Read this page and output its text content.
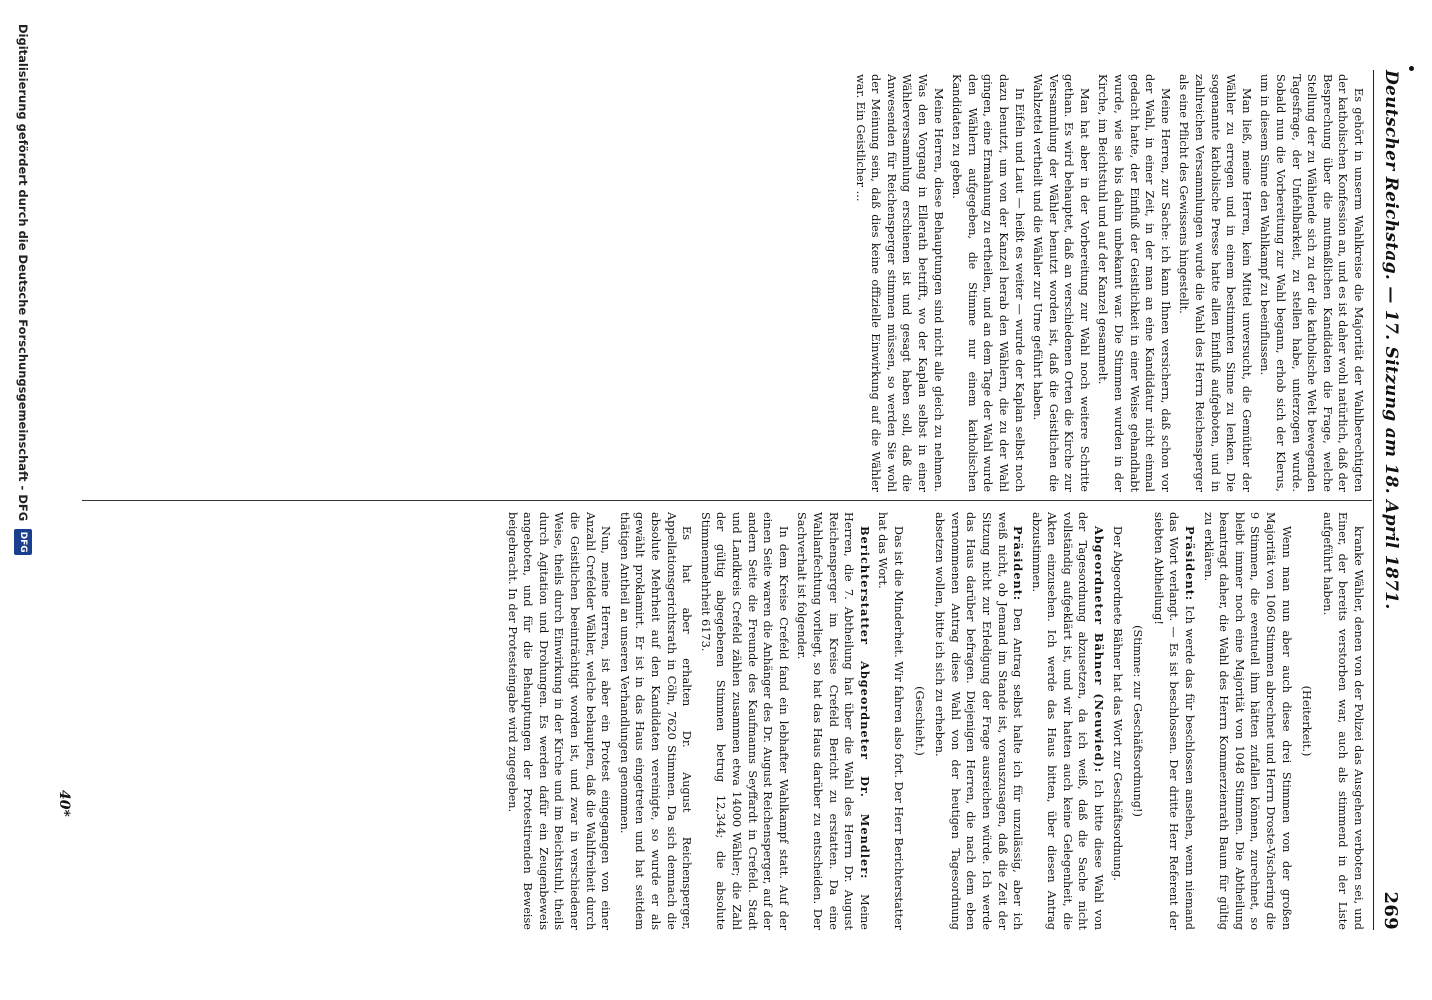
Deutscher Reichstag. — 17. Sitzung am 18. April 1871.
269

Es gehört in unserm Wahlkreise die Majorität der Wahlberechtigten der katholischen Konfession an, und es ist daher wohl natürlich, daß der Besprechung über die mutmaßlichen Kandidaten die Frage, welche Stellung der zu Wählende sich zu der die katholische Welt bewegenden Tagesfrage, der Unfehlbarkeit, zu stellen habe, unterzogen wurde. Sobald nun die Vorbereitung zur Wahl begann, erhob sich der Klerus, um in diesem Sinne den Wahlkampf zu beeinflussen.

Man ließ, meine Herren, kein Mittel unversucht, die Gemüther der Wähler zu erregen und in einem bestimmten Sinne zu lenken. Die sogenannte katholische Presse hatte allen Einfluß aufgeboten, und in zahlreichen Versammlungen wurde die Wahl des Herrn Reichensperger als eine Pflicht des Gewissens hingestellt.

Meine Herren, zur Sache: ich kann Ihnen versichern, daß schon vor der Wahl, in einer Zeit, in der man an eine Kandidatur nicht einmal gedacht hatte, der Einfluß der Geistlichkeit in einer Weise gehandhabt wurde, wie sie bis dahin unbekannt war. Die Stimmen wurden in der Kirche, im Beichtstuhl und auf der Kanzel gesammelt.

Man hat aber in der Vorbereitung zur Wahl noch weitere Schritte gethan. Es wird behauptet, daß an verschiedenen Orten die Kirche zur Versammlung der Wähler benutzt worden ist, daß die Geistlichen die Wahlzettel vertheilt und die Wähler zur Urne geführt haben.

In Eifeln und Laut — heißt es weiter — wurde der Kaplan selbst noch dazu benutzt, um von der Kanzel herab den Wählern, die zu der Wahl gingen, eine Ermahnung zu ertheilen, und an dem Tage der Wahl wurde den Wählern aufgegeben, die Stimme nur einem katholischen Kandidaten zu geben.

Meine Herren, diese Behauptungen sind nicht alle gleich zu nehmen. Was den Vorgang in Ellerath betrifft, wo der Kaplan selbst in einer Wählerversammlung erschienen ist und gesagt haben soll, daß die Anwesenden für Reichensperger stimmen müssen, so werden Sie wohl der Meinung sein, daß dies keine offizielle Einwirkung auf die Wähler war. Ein Geistlicher ...

kranke Wähler, denen von der Polizei das Ausgehen verboten sei, und Einer, der bereits verstorben war, auch als stimmend in der Liste aufgeführt haben.

(Heiterkeit.)

Wenn man nun aber auch diese drei Stimmen von der großen Majorität von 1060 Stimmen abrechnet und Herrn Droste-Vischering die 9 Stimmen, die eventuell ihm hätten zufallen können, zurechnet, so bleibt immer noch eine Majorität von 1048 Stimmen. Die Abtheilung beantragt daher, die Wahl des Herrn Kommerzienrath Baum für gültig zu erklären.

Präsident: Ich werde das für beschlossen ansehen, wenn niemand das Wort verlangt. — Es ist beschlossen. Der dritte Herr Referent der siebten Abtheilung!

(Stimme: zur Geschäftsordnung!)

Der Abgeordnete Bähner hat das Wort zur Geschäftsordnung.

Abgeordneter Bähner (Neuwied): Ich bitte diese Wahl von der Tagesordnung abzusetzen, da ich weiß, daß die Sache nicht vollständig aufgeklärt ist, und wir hatten auch keine Gelegenheit, die Akten einzusehen. Ich werde das Haus bitten, über diesen Antrag abzustimmen.

Präsident: Den Antrag selbst halte ich für unzulässig, aber ich weiß nicht, ob Jemand im Stande ist, vorauszusagen, daß die Zeit der Sitzung nicht zur Erledigung der Frage ausreichen würde. Ich werde das Haus darüber befragen. Diejenigen Herren, die nach dem eben vernommenen Antrag diese Wahl von der heutigen Tagesordnung absetzen wollen, bitte ich sich zu erheben.

(Geschieht.)

Das ist die Minderheit. Wir fahren also fort. Der Herr Berichterstatter hat das Wort.

Berichterstatter Abgeordneter Dr. Mendler: Meine Herren, die 7. Abtheilung hat über die Wahl des Herrn Dr. August Reichensperger im Kreise Crefeld Bericht zu erstatten. Da eine Wahlanfechtung vorliegt, so hat das Haus darüber zu entscheiden. Der Sachverhalt ist folgender.

In dem Kreise Crefeld fand ein lebhafter Wahlkampf statt. Auf der einen Seite waren die Anhänger des Dr. August Reichensperger, auf der andern Seite die Freunde des Kaufmanns Seyffardt in Crefeld. Stadt und Landkreis Crefeld zählen zusammen etwa 14000 Wähler; die Zahl der gültig abgegebenen Stimmen betrug 12,344; die absolute Stimmenmehrheit 6173.

Es hat aber erhalten Dr. August Reichensperger, Appellationsgerichtsrath in Cöln, 7620 Stimmen. Da sich demnach die absolute Mehrheit auf den Kandidaten vereinigte, so wurde er als gewählt proklamirt. Er ist in das Haus eingetreten und hat seitdem thätigen Antheil an unseren Verhandlungen genommen.

Nun, meine Herren, ist aber ein Protest eingegangen von einer Anzahl Crefelder Wähler, welche behaupten, daß die Wahlfreiheit durch die Geistlichen beeinträchtigt worden ist, und zwar in verschiedener Weise, theils durch Einwirkung in der Kirche und im Beichtstuhl, theils durch Agitation und Drohungen. Es werden dafür ein Zeugenbeweis angeboten, und für die Behauptungen der Protestirenden Beweise beigebracht. In der Protesteingabe wird zugegeben.

40*
Digitalisierung gefördert durch die Deutsche Forschungsgemeinschaft - DFG
DFG
